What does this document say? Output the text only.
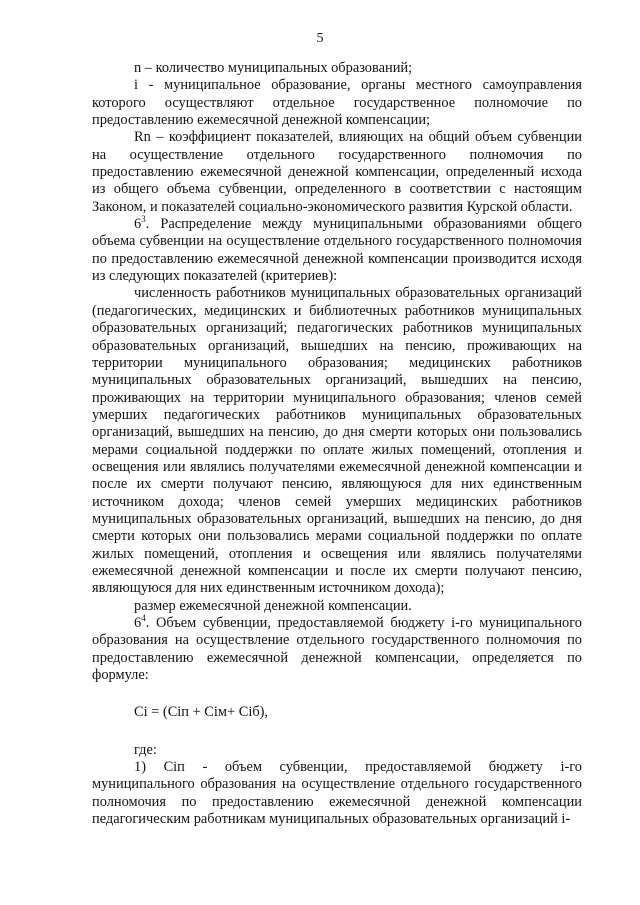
5

n – количество муниципальных образований;

i - муниципальное образование, органы местного самоуправления которого осуществляют отдельное государственное полномочие по предоставлению ежемесячной денежной компенсации;

Rn – коэффициент показателей, влияющих на общий объем субвенции на осуществление отдельного государственного полномочия по предоставлению ежемесячной денежной компенсации, определенный исхода из общего объема субвенции, определенного в соответствии с настоящим Законом, и показателей социально-экономического развития Курской области.

$6^3$. Распределение между муниципальными образованиями общего объема субвенции на осуществление отдельного государственного полномочия по предоставлению ежемесячной денежной компенсации производится исходя из следующих показателей (критериев):

численность работников муниципальных образовательных организаций (педагогических, медицинских и библиотечных работников муниципальных образовательных организаций; педагогических работников муниципальных образовательных организаций, вышедших на пенсию, проживающих на территории муниципального образования; медицинских работников муниципальных образовательных организаций, вышедших на пенсию, проживающих на территории муниципального образования; членов семей умерших педагогических работников муниципальных образовательных организаций, вышедших на пенсию, до дня смерти которых они пользовались мерами социальной поддержки по оплате жилых помещений, отопления и освещения или являлись получателями ежемесячной денежной компенсации и после их смерти получают пенсию, являющуюся для них единственным источником дохода; членов семей умерших медицинских работников муниципальных образовательных организаций, вышедших на пенсию, до дня смерти которых они пользовались мерами социальной поддержки по оплате жилых помещений, отопления и освещения или являлись получателями ежемесячной денежной компенсации и после их смерти получают пенсию, являющуюся для них единственным источником дохода);

размер ежемесячной денежной компенсации.

$6^4$. Объем субвенции, предоставляемой бюджету i-го муниципального образования на осуществление отдельного государственного полномочия по предоставлению ежемесячной денежной компенсации, определяется по формуле:

Сi = (Сiп + Сiм+ Сiб),

где:

1) Сiп - объем субвенции, предоставляемой бюджету i-го муниципального образования на осуществление отдельного государственного полномочия по предоставлению ежемесячной денежной компенсации педагогическим работникам муниципальных образовательных организаций i-
